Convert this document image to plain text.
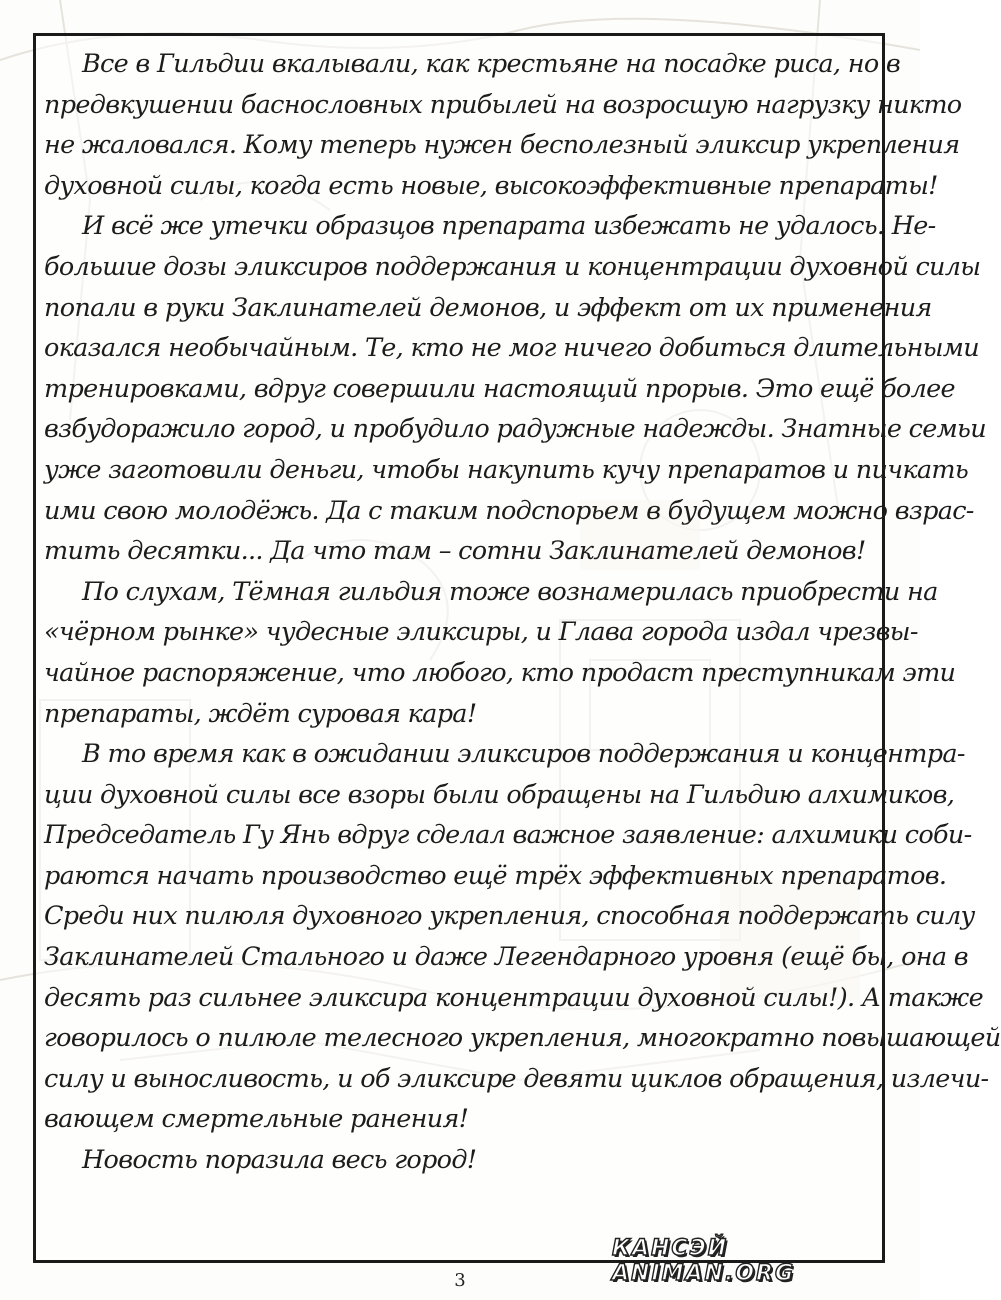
Все в Гильдии вкалывали, как крестьяне на посадке риса, но в
предвкушении баснословных прибылей на возросшую нагрузку никто
не жаловался. Кому теперь нужен бесполезный эликсир укрепления
духовной силы, когда есть новые, высокоэффективные препараты!
И всё же утечки образцов препарата избежать не удалось. Не-
большие дозы эликсиров поддержания и концентрации духовной силы
попали в руки Заклинателей демонов, и эффект от их применения
оказался необычайным. Те, кто не мог ничего добиться длительными
тренировками, вдруг совершили настоящий прорыв. Это ещё более
взбудоражило город, и пробудило радужные надежды. Знатные семьи
уже заготовили деньги, чтобы накупить кучу препаратов и пичкать
ими свою молодёжь. Да с таким подспорьем в будущем можно взрас-
тить десятки... Да что там – сотни Заклинателей демонов!
По слухам, Тёмная гильдия тоже вознамерилась приобрести на
«чёрном рынке» чудесные эликсиры, и Глава города издал чрезвы-
чайное распоряжение, что любого, кто продаст преступникам эти
препараты, ждёт суровая кара!
В то время как в ожидании эликсиров поддержания и концентра-
ции духовной силы все взоры были обращены на Гильдию алхимиков,
Председатель Гу Янь вдруг сделал важное заявление: алхимики соби-
раются начать производство ещё трёх эффективных препаратов.
Среди них пилюля духовного укрепления, способная поддержать силу
Заклинателей Стального и даже Легендарного уровня (ещё бы, она в
десять раз сильнее эликсира концентрации духовной силы!). А также
говорилось о пилюле телесного укрепления, многократно повышающей
силу и выносливость, и об эликсире девяти циклов обращения, излечи-
вающем смертельные ранения!
Новость поразила весь город!
КАНСЭЙ ANIMAN.ORG
3
